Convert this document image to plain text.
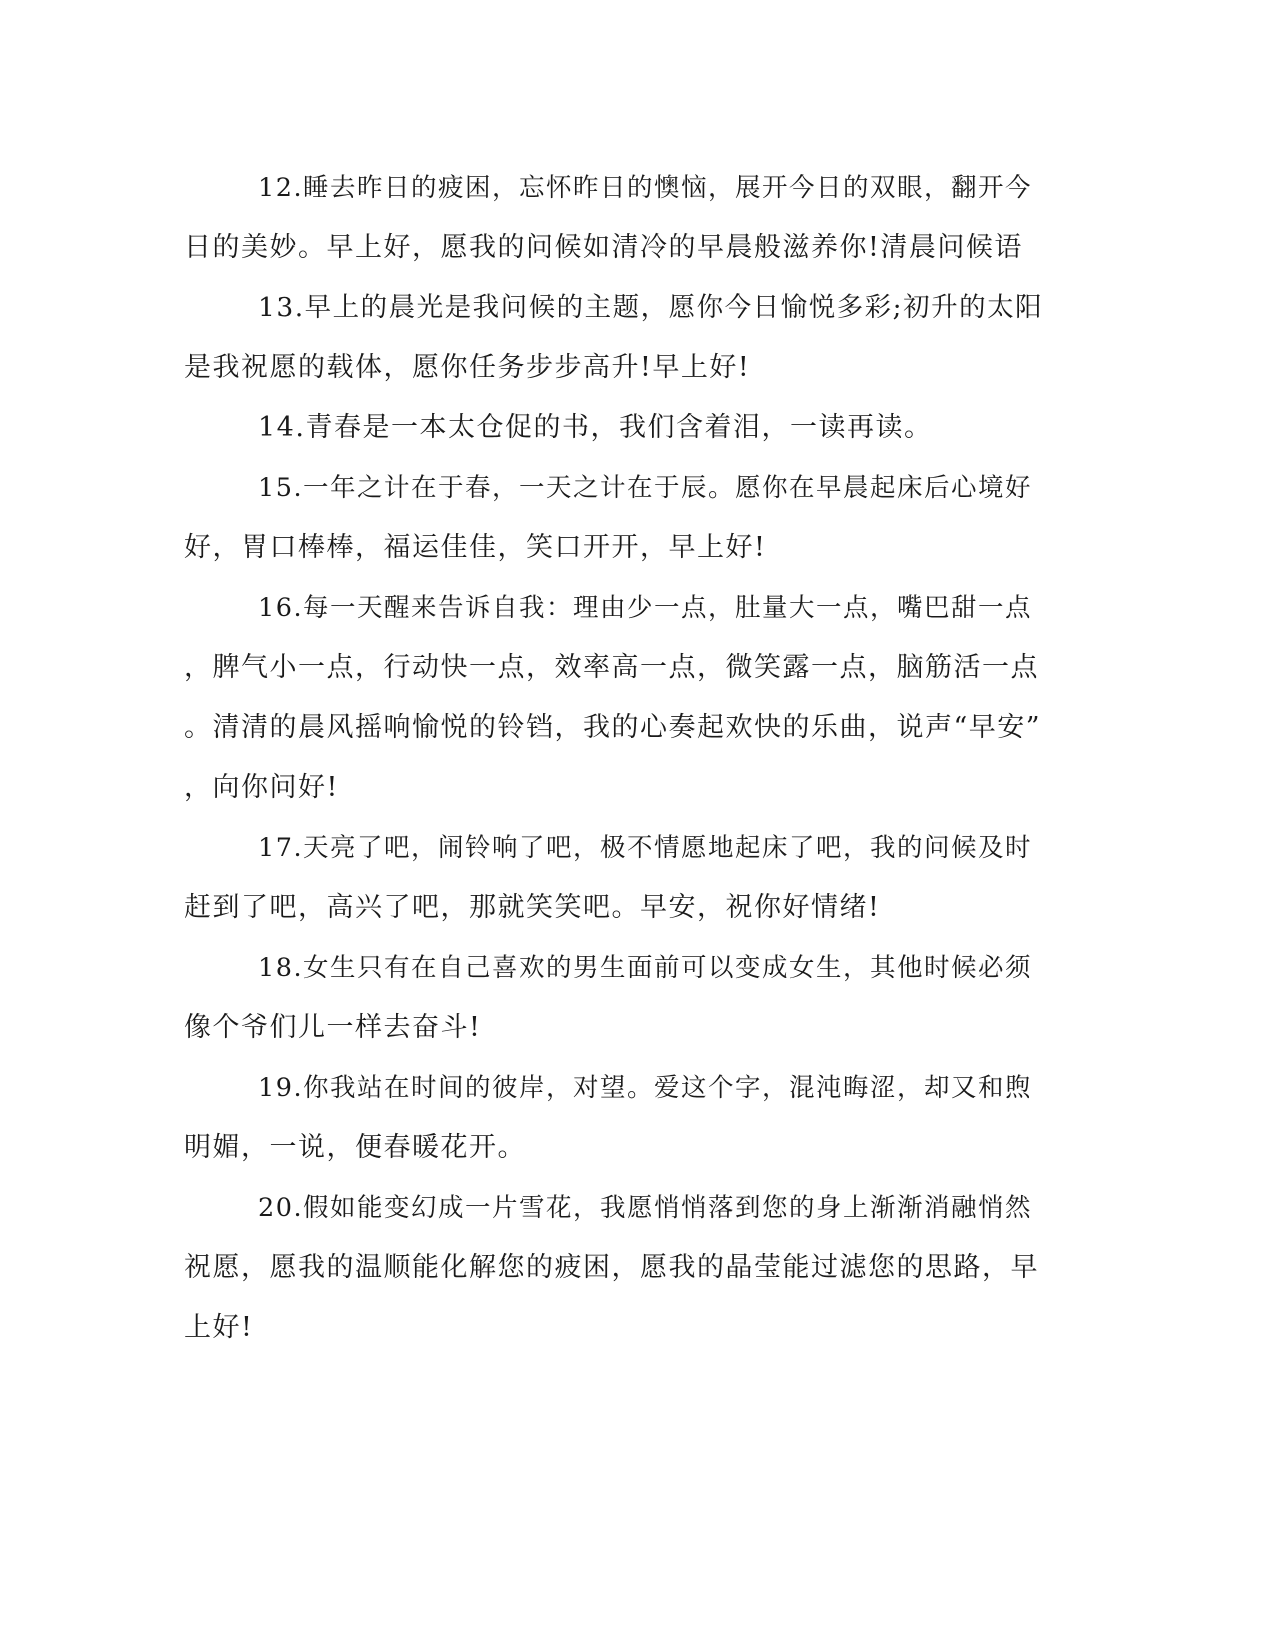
12.睡去昨日的疲困，忘怀昨日的懊恼，展开今日的双眼，翻开今
日的美妙。早上好，愿我的问候如清冷的早晨般滋养你!清晨问候语
13.早上的晨光是我问候的主题，愿你今日愉悦多彩;初升的太阳
是我祝愿的载体，愿你任务步步高升!早上好!
14.青春是一本太仓促的书，我们含着泪，一读再读。
15.一年之计在于春，一天之计在于辰。愿你在早晨起床后心境好
好，胃口棒棒，福运佳佳，笑口开开，早上好!
16.每一天醒来告诉自我：理由少一点，肚量大一点，嘴巴甜一点
，脾气小一点，行动快一点，效率高一点，微笑露一点，脑筋活一点
。清清的晨风摇响愉悦的铃铛，我的心奏起欢快的乐曲，说声“早安”
，向你问好!
17.天亮了吧，闹铃响了吧，极不情愿地起床了吧，我的问候及时
赶到了吧，高兴了吧，那就笑笑吧。早安，祝你好情绪!
18.女生只有在自己喜欢的男生面前可以变成女生，其他时候必须
像个爷们儿一样去奋斗!
19.你我站在时间的彼岸，对望。爱这个字，混沌晦涩，却又和煦
明媚，一说，便春暖花开。
20.假如能变幻成一片雪花，我愿悄悄落到您的身上渐渐消融悄然
祝愿，愿我的温顺能化解您的疲困，愿我的晶莹能过滤您的思路，早
上好!
